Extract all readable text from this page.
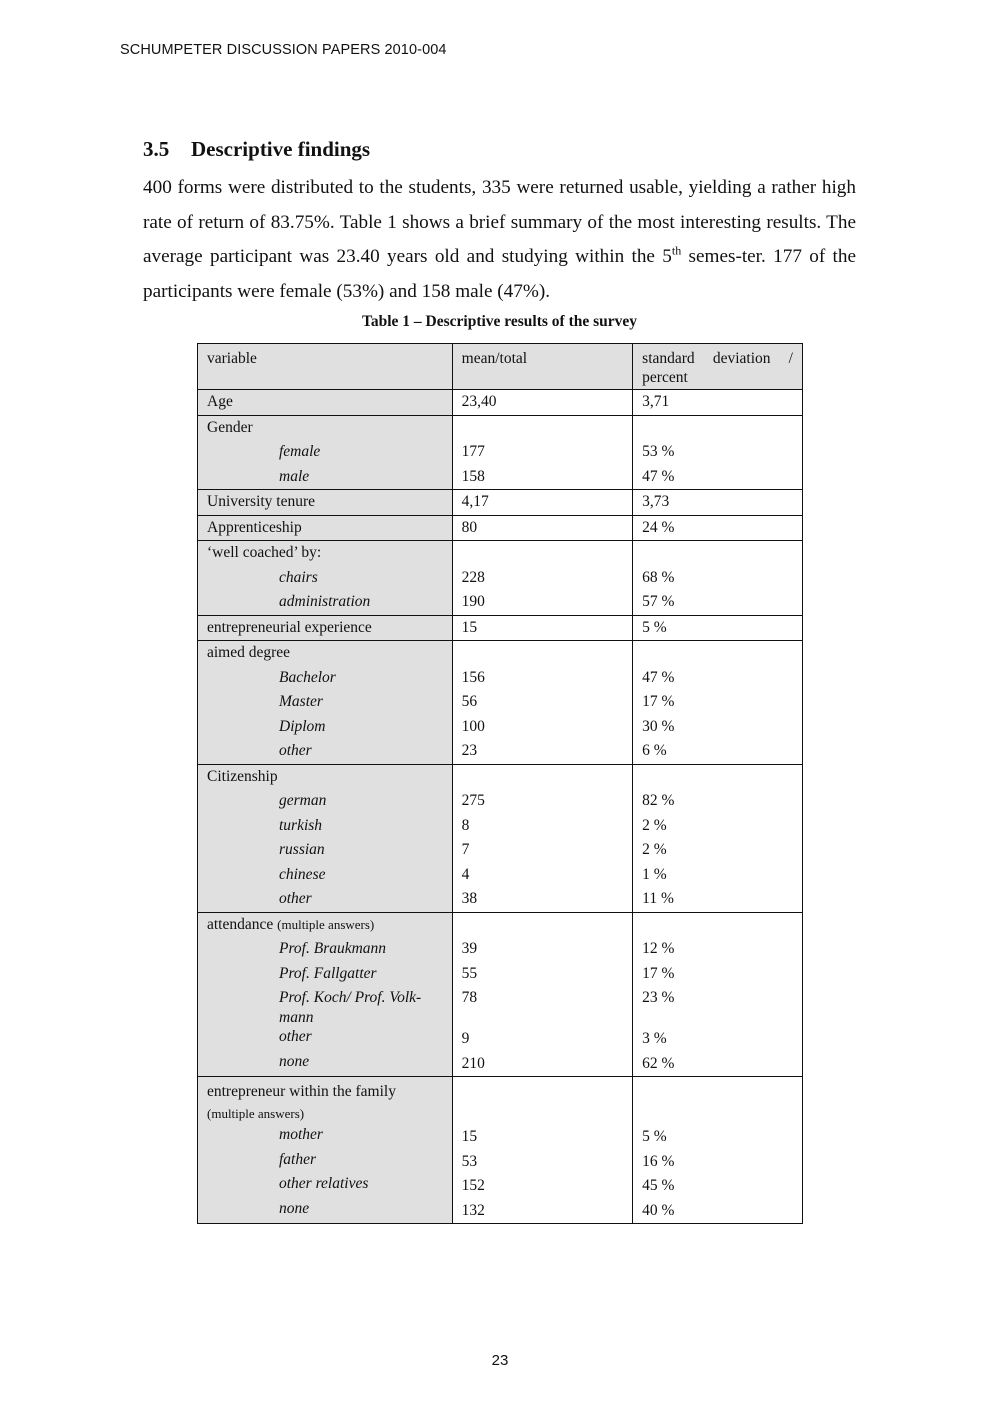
SCHUMPETER DISCUSSION PAPERS 2010-004
3.5 Descriptive findings

400 forms were distributed to the students, 335 were returned usable, yielding a rather high rate of return of 83.75%. Table 1 shows a brief summary of the most interesting results. The average participant was 23.40 years old and studying within the 5th semes-ter. 177 of the participants were female (53%) and 158 male (47%).

Table 1 – Descriptive results of the survey
variable	mean/total	standard deviation /
percent

Age	23,40	3,71
Gender		
female	177	53 %
male	158	47 %
University tenure	4,17	3,73
Apprenticeship	80	24 %
‘well coached’ by:		
chairs	228	68 %
administration	190	57 %
entrepreneurial experience	15	5 %
aimed degree		
Bachelor	156	47 %
Master	56	17 %
Diplom	100	30 %
other	23	6 %
Citizenship		
german	275	82 %
turkish	8	2 %
russian	7	2 %
chinese	4	1 %
other	38	11 %
attendance (multiple answers)		
Prof. Braukmann	39	12 %
Prof. Fallgatter	55	17 %
Prof. Koch/ Prof. Volk-mann	78	23 %
other	9	3 %
none	210	62 %

entrepreneur within the family
(multiple answers)		

mother	15	5 %
father	53	16 %
other relatives	152	45 %
none	132	40 %
23
